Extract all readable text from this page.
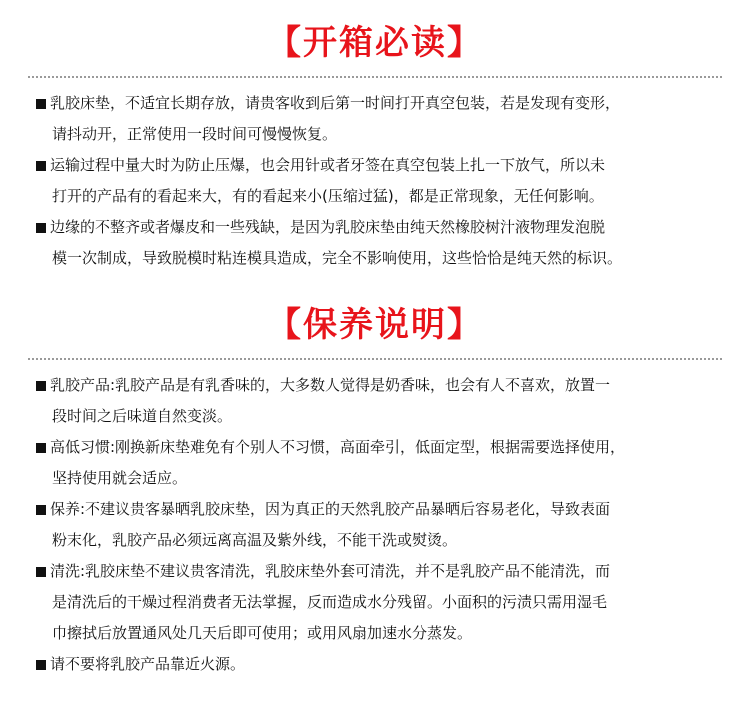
【开箱必读】
乳胶床垫，不适宜长期存放，请贵客收到后第一时间打开真空包装，若是发现有变形，
请抖动开，正常使用一段时间可慢慢恢复。
运输过程中量大时为防止压爆，也会用针或者牙签在真空包装上扎一下放气，所以未
打开的产品有的看起来大，有的看起来小(压缩过猛)，都是正常现象，无任何影响。
边缘的不整齐或者爆皮和一些残缺，是因为乳胶床垫由纯天然橡胶树汁液物理发泡脱
模一次制成，导致脱模时粘连模具造成，完全不影响使用，这些恰恰是纯天然的标识。
【保养说明】
乳胶产品:乳胶产品是有乳香味的，大多数人觉得是奶香味，也会有人不喜欢，放置一
段时间之后味道自然变淡。
高低习惯:刚换新床垫难免有个别人不习惯，高面牵引，低面定型，根据需要选择使用，
坚持使用就会适应。
保养:不建议贵客暴晒乳胶床垫，因为真正的天然乳胶产品暴晒后容易老化，导致表面
粉末化，乳胶产品必须远离高温及紫外线，不能干洗或熨烫。
清洗:乳胶床垫不建议贵客清洗，乳胶床垫外套可清洗，并不是乳胶产品不能清洗，而
是清洗后的干燥过程消费者无法掌握，反而造成水分残留。小面积的污渍只需用湿毛
巾擦拭后放置通风处几天后即可使用；或用风扇加速水分蒸发。
请不要将乳胶产品靠近火源。
